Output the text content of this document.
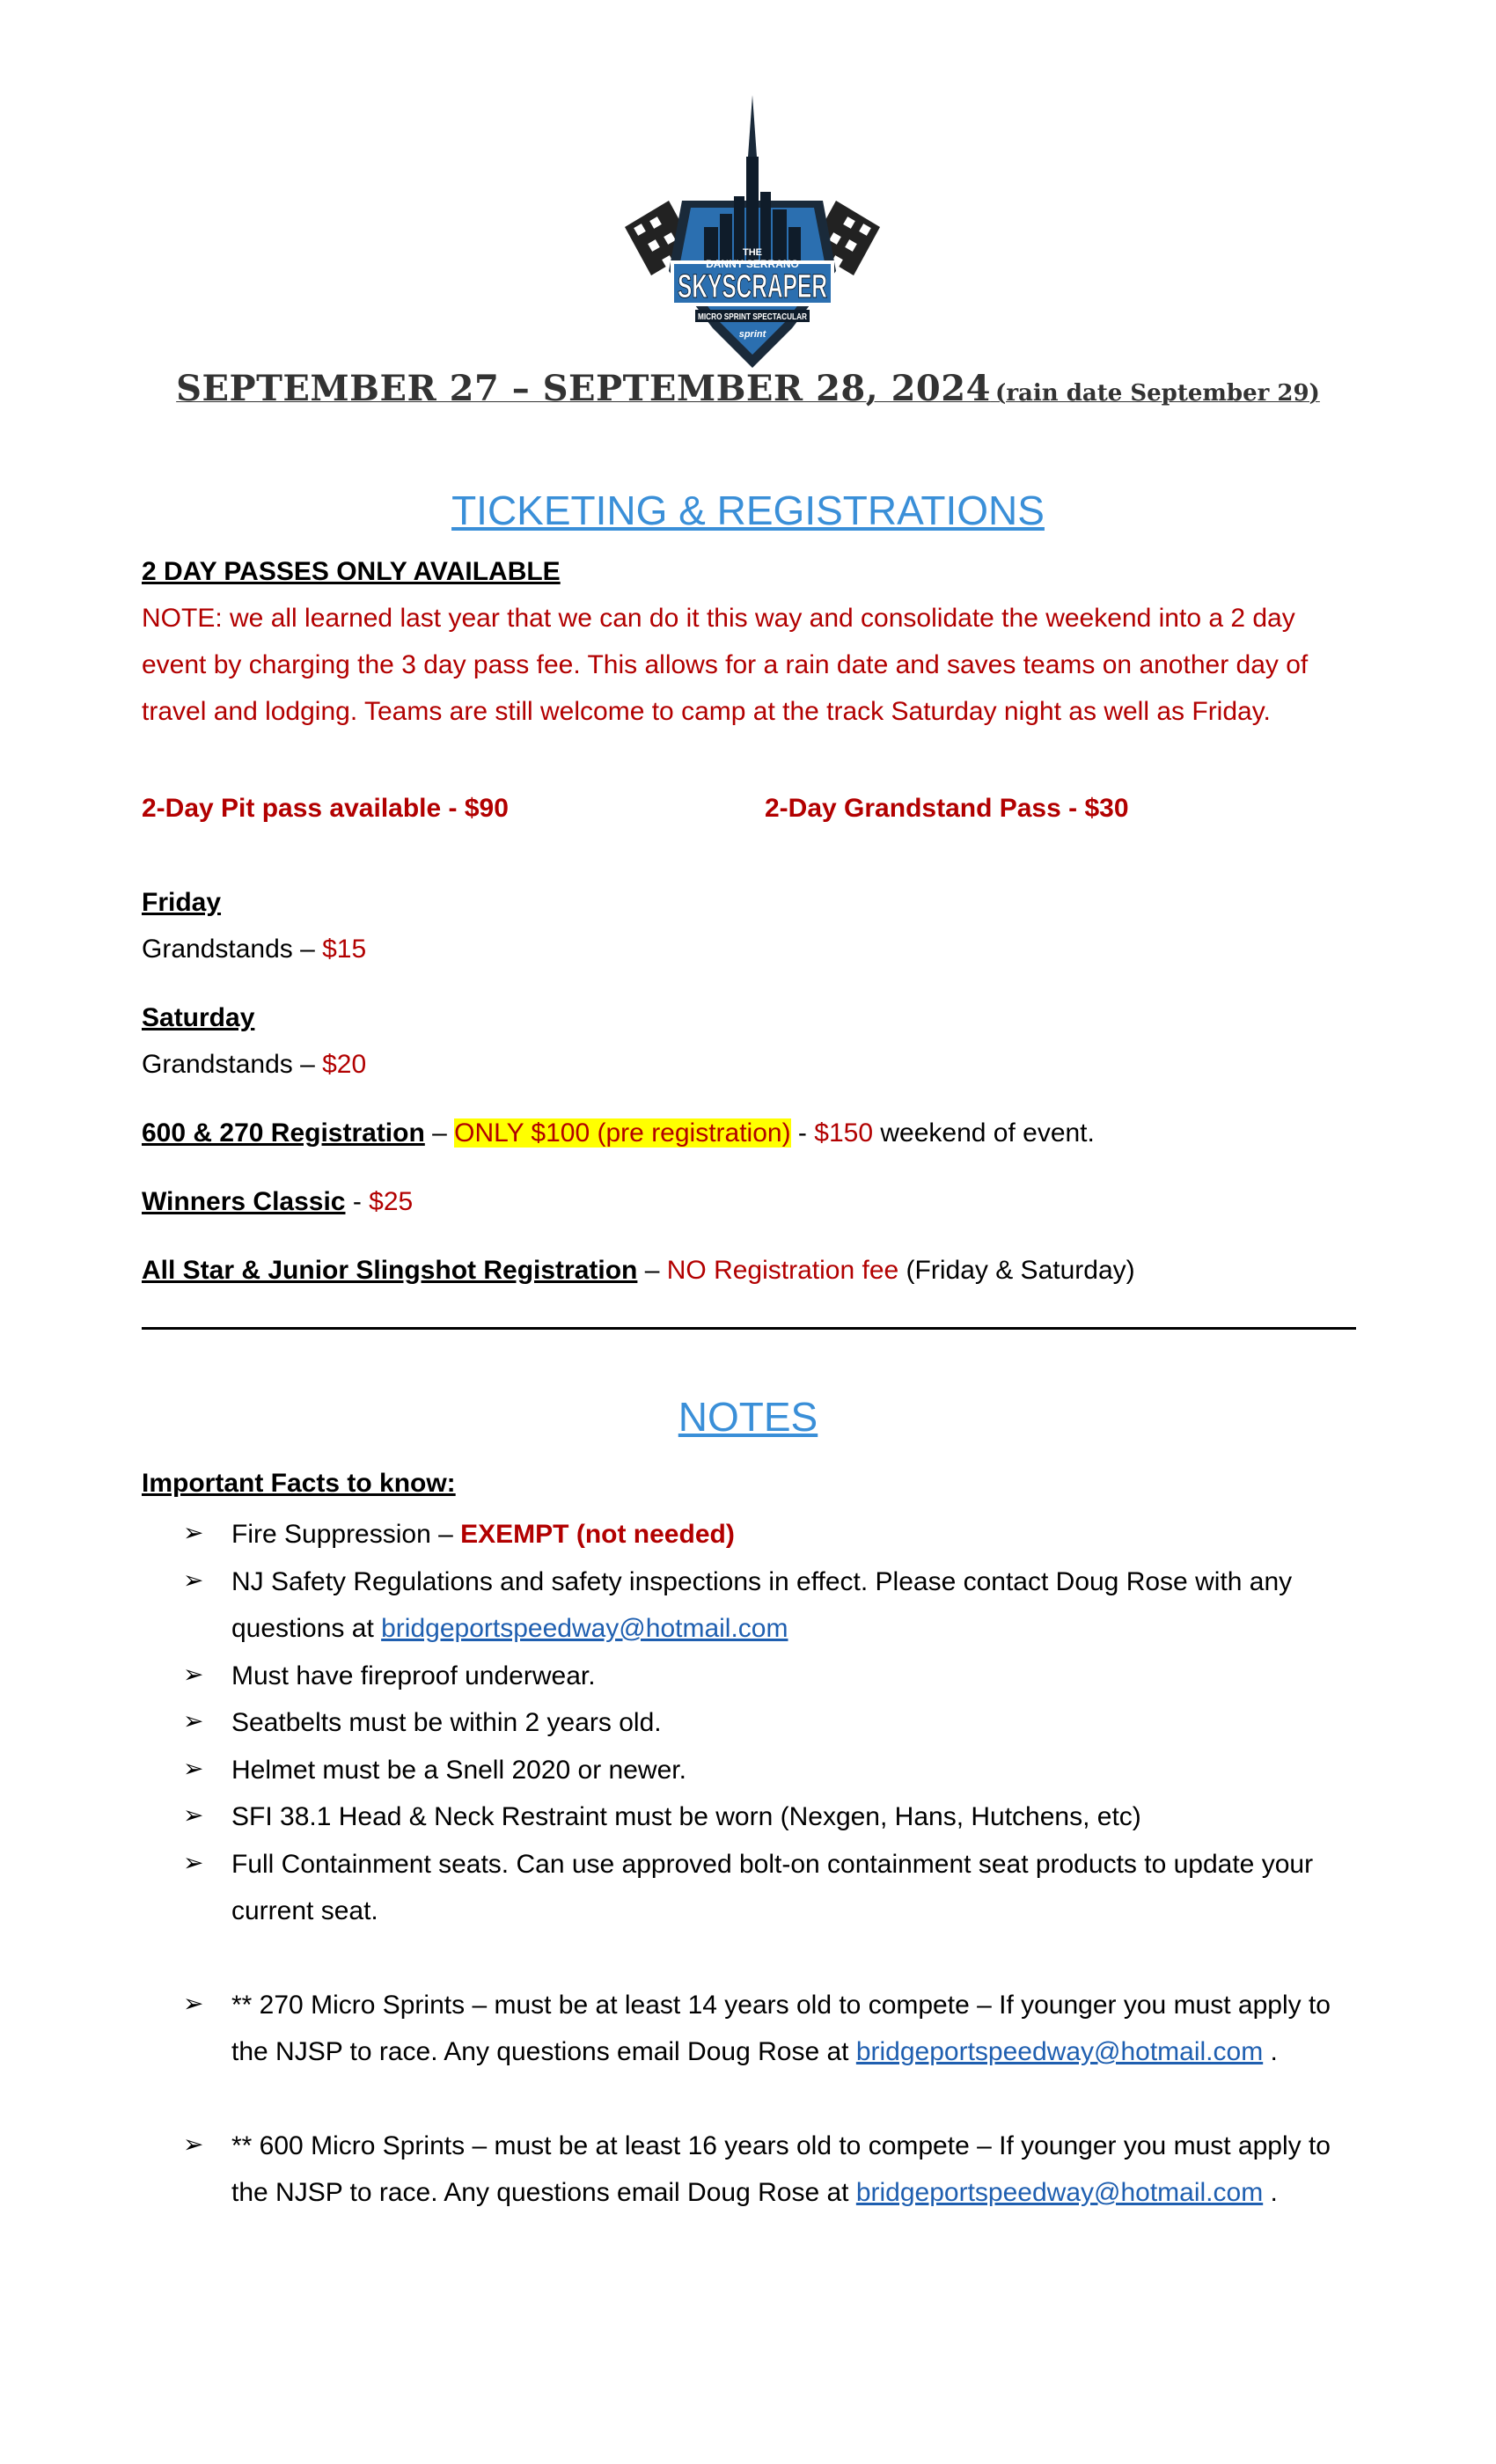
THE
DANNY SERRANO
SKYSCRAPER
MICRO SPRINT SPECTACULAR
sprint
SEPTEMBER 27 – SEPTEMBER 28, 2024 (rain date September 29)
TICKETING & REGISTRATIONS
2 DAY PASSES ONLY AVAILABLE
NOTE: we all learned last year that we can do it this way and consolidate the weekend into a 2 day
event by charging the 3 day pass fee. This allows for a rain date and saves teams on another day of
travel and lodging. Teams are still welcome to camp at the track Saturday night as well as Friday.
2-Day Pit pass available - $90	2-Day Grandstand Pass - $30
Friday
Grandstands – $15
Saturday
Grandstands – $20
600 & 270 Registration – ONLY $100 (pre registration) - $150 weekend of event.
Winners Classic - $25
All Star & Junior Slingshot Registration – NO Registration fee (Friday & Saturday)
NOTES
Important Facts to know:
➢ Fire Suppression – EXEMPT (not needed)
➢ NJ Safety Regulations and safety inspections in effect. Please contact Doug Rose with any
questions at bridgeportspeedway@hotmail.com
➢ Must have fireproof underwear.
➢ Seatbelts must be within 2 years old.
➢ Helmet must be a Snell 2020 or newer.
➢ SFI 38.1 Head & Neck Restraint must be worn (Nexgen, Hans, Hutchens, etc)
➢ Full Containment seats. Can use approved bolt-on containment seat products to update your
current seat.
➢ ** 270 Micro Sprints – must be at least 14 years old to compete – If younger you must apply to
the NJSP to race. Any questions email Doug Rose at bridgeportspeedway@hotmail.com .
➢ ** 600 Micro Sprints – must be at least 16 years old to compete – If younger you must apply to
the NJSP to race. Any questions email Doug Rose at bridgeportspeedway@hotmail.com .
